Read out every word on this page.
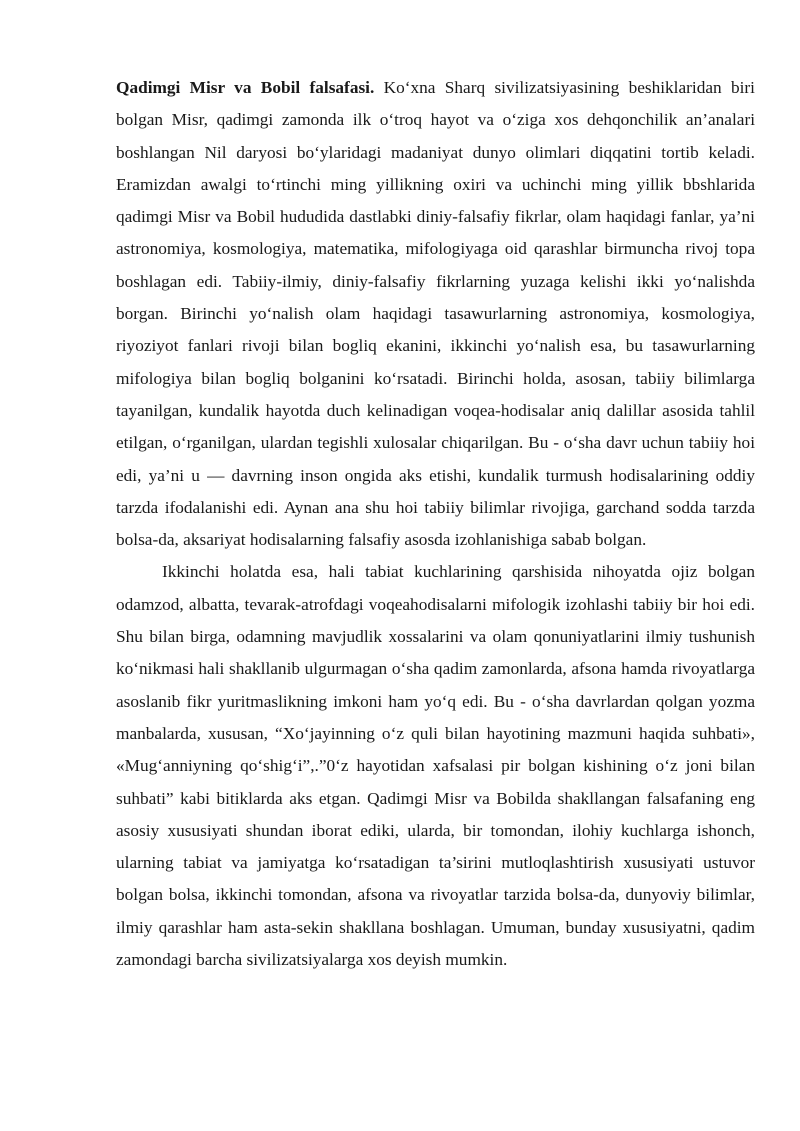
Qadimgi Misr va Bobil falsafasi. Ko‘xna Sharq sivilizatsiyasining beshiklaridan biri bolgan Misr, qadimgi zamonda ilk o‘troq hayot va o‘ziga xos dehqonchilik an’analari boshlangan Nil daryosi bo‘ylaridagi madaniyat dunyo olimlari diqqatini tortib keladi. Eramizdan awalgi to‘rtinchi ming yillikning oxiri va uchinchi ming yillik bbshlarida qadimgi Misr va Bobil hududida dastlabki diniy-falsafiy fikrlar, olam haqidagi fanlar, ya’ni astronomiya, kosmologiya, matematika, mifologiyaga oid qarashlar birmuncha rivoj topa boshlagan edi. Tabiiy-ilmiy, diniy-falsafiy fikrlarning yuzaga kelishi ikki yo‘nalishda borgan. Birinchi yo‘nalish olam haqidagi tasawurlarning astronomiya, kosmologiya, riyoziyot fanlari rivoji bilan bogliq ekanini, ikkinchi yo‘nalish esa, bu tasawurlarning mifologiya bilan bogliq bolganini ko‘rsatadi. Birinchi holda, asosan, tabiiy bilimlarga tayanilgan, kundalik hayotda duch kelinadigan voqea-hodisalar aniq dalillar asosida tahlil etilgan, o‘rganilgan, ulardan tegishli xulosalar chiqarilgan. Bu - o‘sha davr uchun tabiiy hoi edi, ya’ni u — davrning inson ongida aks etishi, kundalik turmush hodisalarining oddiy tarzda ifodalanishi edi. Aynan ana shu hoi tabiiy bilimlar rivojiga, garchand sodda tarzda bolsa-da, aksariyat hodisalarning falsafiy asosda izohlanishiga sabab bolgan.

Ikkinchi holatda esa, hali tabiat kuchlarining qarshisida nihoyatda ojiz bolgan odamzod, albatta, tevarak-atrofdagi voqeahodisalarni mifologik izohlashi tabiiy bir hoi edi. Shu bilan birga, odamning mavjudlik xossalarini va olam qonuniyatlarini ilmiy tushunish ko‘nikmasi hali shakllanib ulgurmagan o‘sha qadim zamonlarda, afsona hamda rivoyatlarga asoslanib fikr yuritmaslikning imkoni ham yo‘q edi. Bu - o‘sha davrlardan qolgan yozma manbalarda, xususan, “Xo‘jayinning o‘z quli bilan hayotining mazmuni haqida suhbati», «Mug‘anniyning qo‘shig‘i”,.”0‘z hayotidan xafsalasi pir bolgan kishining o‘z joni bilan suhbati” kabi bitiklarda aks etgan. Qadimgi Misr va Bobilda shakllangan falsafaning eng asosiy xususiyati shundan iborat ediki, ularda, bir tomondan, ilohiy kuchlarga ishonch, ularning tabiat va jamiyatga ko‘rsatadigan ta’sirini mutloqlashtirish xususiyati ustuvor bolgan bolsa, ikkinchi tomondan, afsona va rivoyatlar tarzida bolsa-da, dunyoviy bilimlar, ilmiy qarashlar ham asta-sekin shakllana boshlagan. Umuman, bunday xususiyatni, qadim zamondagi barcha sivilizatsiyalarga xos deyish mumkin.
